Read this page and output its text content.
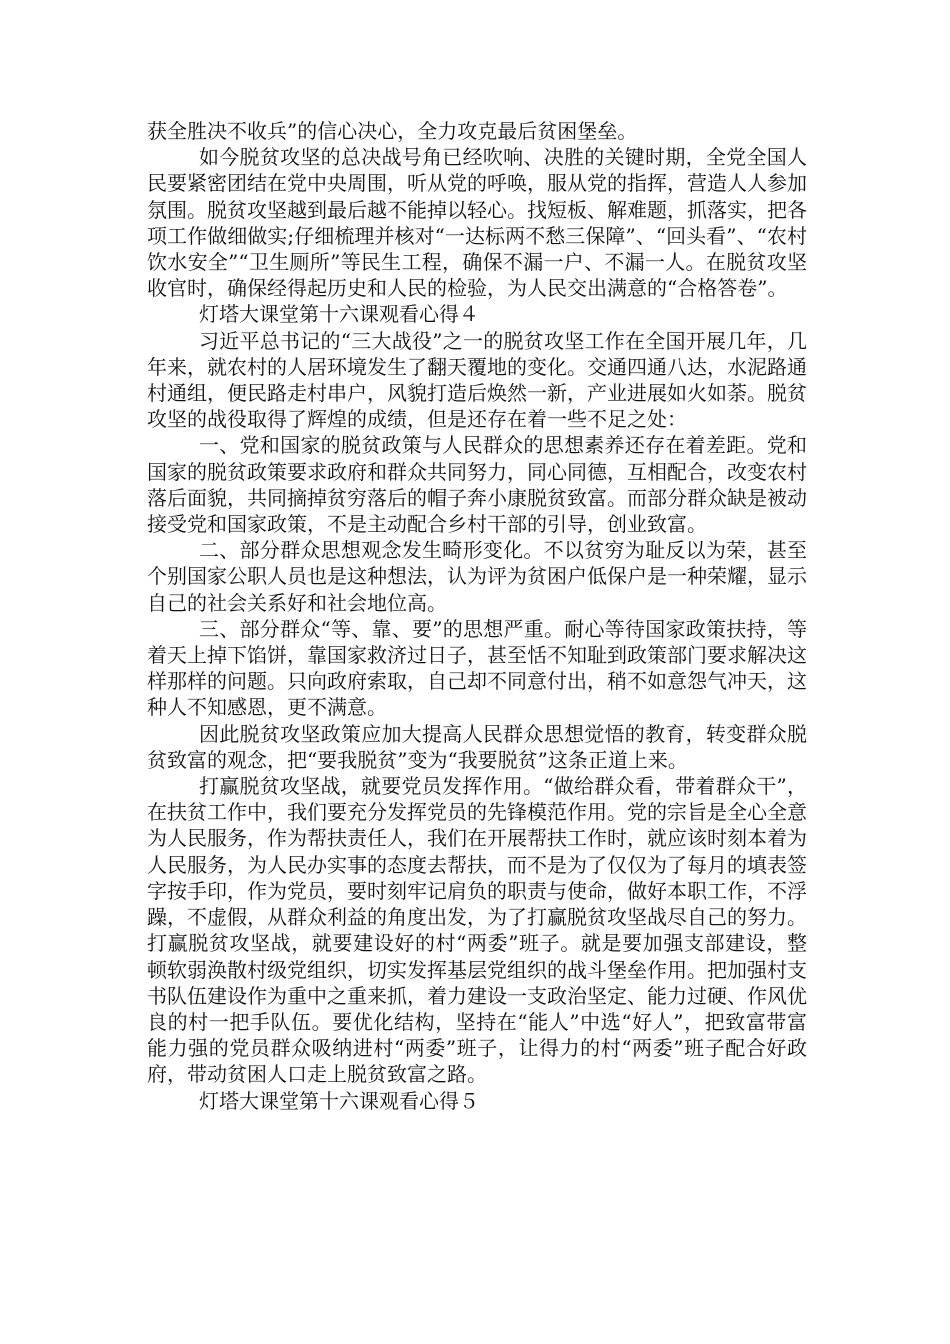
获全胜决不收兵”的信心决心，全力攻克最后贫困堡垒。

如今脱贫攻坚的总决战号角已经吹响、决胜的关键时期，全党全国人民要紧密团结在党中央周围，听从党的呼唤，服从党的指挥，营造人人参加氛围。脱贫攻坚越到最后越不能掉以轻心。找短板、解难题，抓落实，把各项工作做细做实;仔细梳理并核对“一达标两不愁三保障”、“回头看”、“农村饮水安全”“卫生厕所”等民生工程，确保不漏一户、不漏一人。在脱贫攻坚收官时，确保经得起历史和人民的检验，为人民交出满意的“合格答卷”。

灯塔大课堂第十六课观看心得４

习近平总书记的“三大战役”之一的脱贫攻坚工作在全国开展几年，几年来，就农村的人居环境发生了翻天覆地的变化。交通四通八达，水泥路通村通组，便民路走村串户，风貌打造后焕然一新，产业进展如火如荼。脱贫攻坚的战役取得了辉煌的成绩，但是还存在着一些不足之处：

一、党和国家的脱贫政策与人民群众的思想素养还存在着差距。党和国家的脱贫政策要求政府和群众共同努力，同心同德，互相配合，改变农村落后面貌，共同摘掉贫穷落后的帽子奔小康脱贫致富。而部分群众缺是被动接受党和国家政策，不是主动配合乡村干部的引导，创业致富。

二、部分群众思想观念发生畸形变化。不以贫穷为耻反以为荣，甚至个别国家公职人员也是这种想法，认为评为贫困户低保户是一种荣耀，显示自己的社会关系好和社会地位高。

三、部分群众“等、靠、要”的思想严重。耐心等待国家政策扶持，等着天上掉下馅饼，靠国家救济过日子，甚至恬不知耻到政策部门要求解决这样那样的问题。只向政府索取，自己却不同意付出，稍不如意怨气冲天，这种人不知感恩，更不满意。

因此脱贫攻坚政策应加大提高人民群众思想觉悟的教育，转变群众脱贫致富的观念，把“要我脱贫”变为“我要脱贫”这条正道上来。

打赢脱贫攻坚战，就要党员发挥作用。“做给群众看，带着群众干”，在扶贫工作中，我们要充分发挥党员的先锋模范作用。党的宗旨是全心全意为人民服务，作为帮扶责任人，我们在开展帮扶工作时，就应该时刻本着为人民服务，为人民办实事的态度去帮扶，而不是为了仅仅为了每月的填表签字按手印，作为党员，要时刻牢记肩负的职责与使命，做好本职工作，不浮躁，不虚假，从群众利益的角度出发，为了打赢脱贫攻坚战尽自己的努力。打赢脱贫攻坚战，就要建设好的村“两委”班子。就是要加强支部建设，整顿软弱涣散村级党组织，切实发挥基层党组织的战斗堡垒作用。把加强村支书队伍建设作为重中之重来抓，着力建设一支政治坚定、能力过硬、作风优良的村一把手队伍。要优化结构，坚持在“能人”中选“好人”，把致富带富能力强的党员群众吸纳进村“两委”班子，让得力的村“两委”班子配合好政府，带动贫困人口走上脱贫致富之路。

灯塔大课堂第十六课观看心得５
